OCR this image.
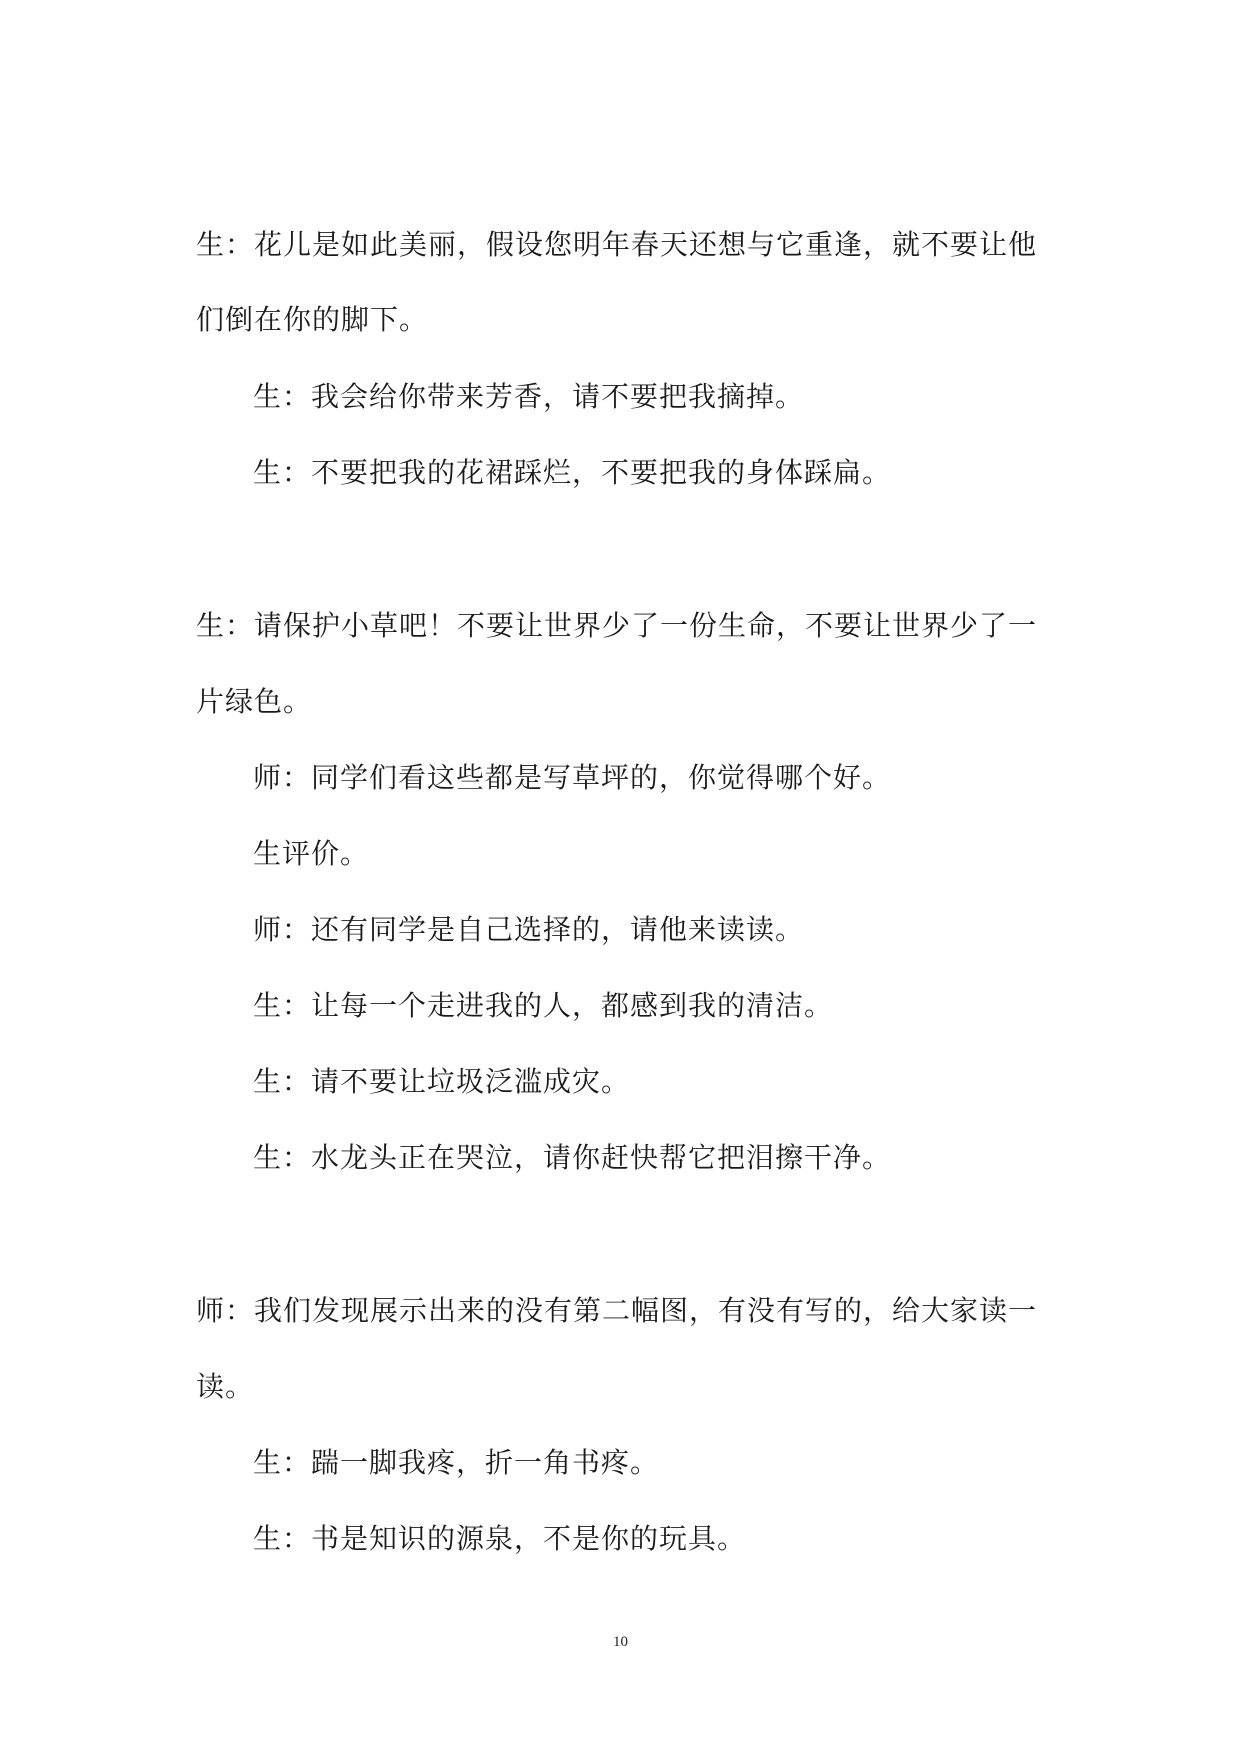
生：花儿是如此美丽，假设您明年春天还想与它重逢，就不要让他

们倒在你的脚下。

生：我会给你带来芳香，请不要把我摘掉。

生：不要把我的花裙踩烂，不要把我的身体踩扁。

生：请保护小草吧！不要让世界少了一份生命，不要让世界少了一

片绿色。

师：同学们看这些都是写草坪的，你觉得哪个好。

生评价。

师：还有同学是自己选择的，请他来读读。

生：让每一个走进我的人，都感到我的清洁。

生：请不要让垃圾泛滥成灾。

生：水龙头正在哭泣，请你赶快帮它把泪擦干净。

师：我们发现展示出来的没有第二幅图，有没有写的，给大家读一

读。

生：踹一脚我疼，折一角书疼。

生：书是知识的源泉，不是你的玩具。

10
